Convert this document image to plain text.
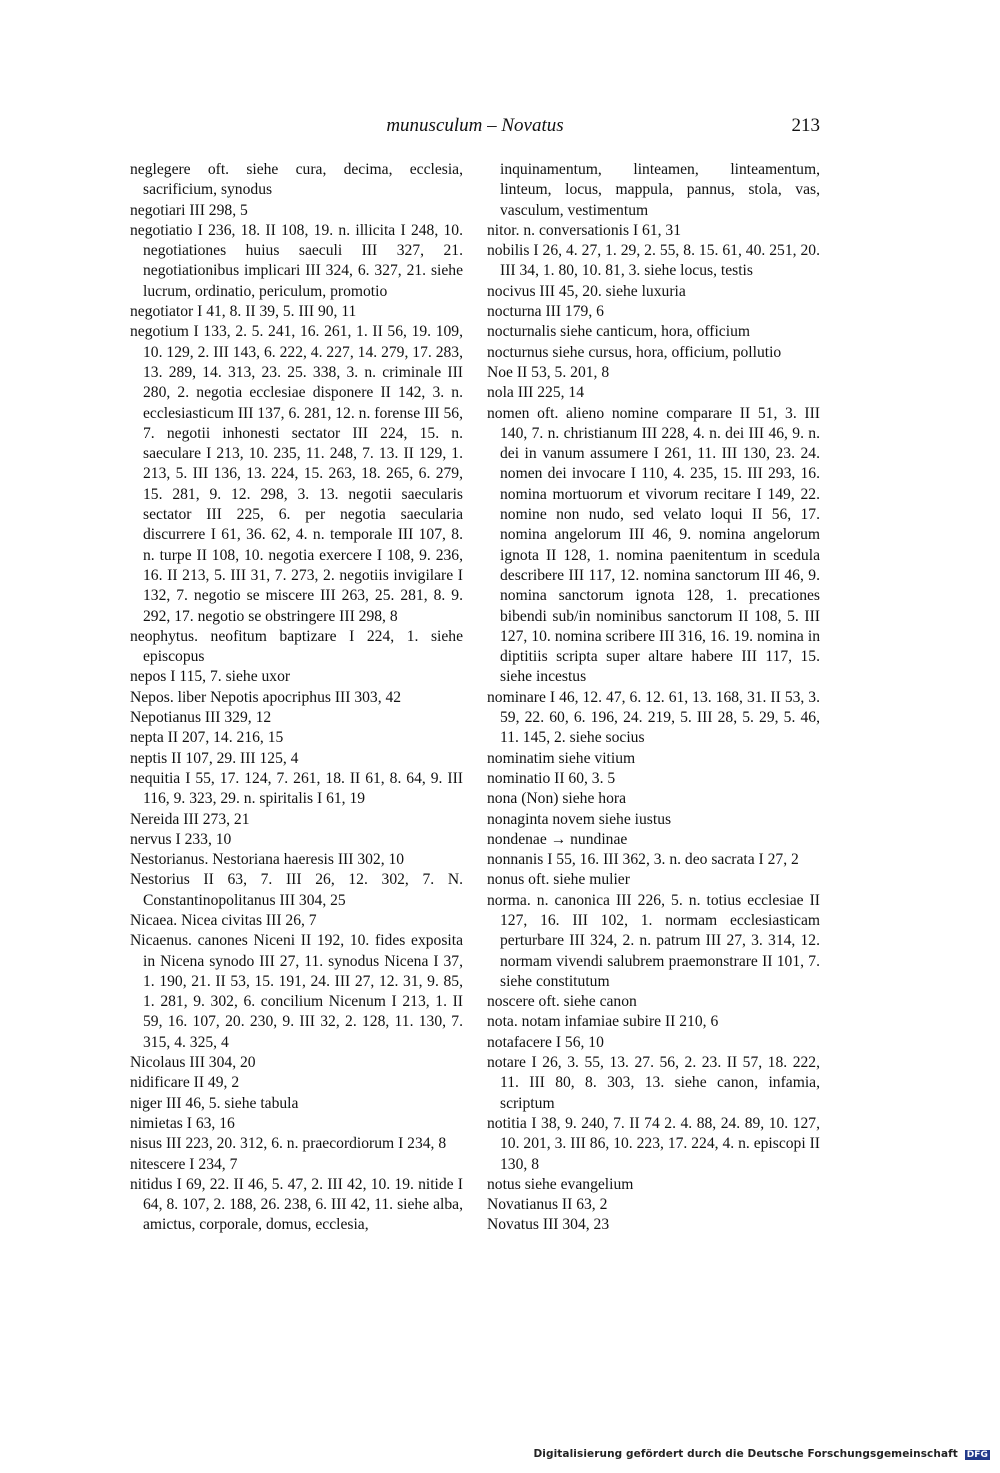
munusculum – Novatus	213

neglegere oft. siehe cura, decima, ecclesia, sacrificium, synodus

negotiari III 298, 5

negotiatio I 236, 18. II 108, 19. n. illicita I 248, 10. negotiationes huius saeculi III 327, 21. negotiationibus implicari III 324, 6. 327, 21. siehe lucrum, ordinatio, periculum, promotio

negotiator I 41, 8. II 39, 5. III 90, 11

negotium I 133, 2. 5. 241, 16. 261, 1. II 56, 19. 109, 10. 129, 2. III 143, 6. 222, 4. 227, 14. 279, 17. 283, 13. 289, 14. 313, 23. 25. 338, 3. n. criminale III 280, 2. negotia ecclesiae disponere II 142, 3. n. ecclesiasticum III 137, 6. 281, 12. n. forense III 56, 7. negotii inhonesti sectator III 224, 15. n. saeculare I 213, 10. 235, 11. 248, 7. 13. II 129, 1. 213, 5. III 136, 13. 224, 15. 263, 18. 265, 6. 279, 15. 281, 9. 12. 298, 3. 13. negotii saecularis sectator III 225, 6. per negotia saecularia discurrere I 61, 36. 62, 4. n. temporale III 107, 8. n. turpe II 108, 10. negotia exercere I 108, 9. 236, 16. II 213, 5. III 31, 7. 273, 2. negotiis invigilare I 132, 7. negotio se miscere III 263, 25. 281, 8. 9. 292, 17. negotio se obstringere III 298, 8

neophytus. neofitum baptizare I 224, 1. siehe episcopus

nepos I 115, 7. siehe uxor

Nepos. liber Nepotis apocriphus III 303, 42

Nepotianus III 329, 12

nepta II 207, 14. 216, 15

neptis II 107, 29. III 125, 4

nequitia I 55, 17. 124, 7. 261, 18. II 61, 8. 64, 9. III 116, 9. 323, 29. n. spiritalis I 61, 19

Nereida III 273, 21

nervus I 233, 10

Nestorianus. Nestoriana haeresis III 302, 10

Nestorius II 63, 7. III 26, 12. 302, 7. N. Constantinopolitanus III 304, 25

Nicaea. Nicea civitas III 26, 7

Nicaenus. canones Niceni II 192, 10. fides exposita in Nicena synodo III 27, 11. synodus Nicena I 37, 1. 190, 21. II 53, 15. 191, 24. III 27, 12. 31, 9. 85, 1. 281, 9. 302, 6. concilium Nicenum I 213, 1. II 59, 16. 107, 20. 230, 9. III 32, 2. 128, 11. 130, 7. 315, 4. 325, 4

Nicolaus III 304, 20

nidificare II 49, 2

niger III 46, 5. siehe tabula

nimietas I 63, 16

nisus III 223, 20. 312, 6. n. praecordiorum I 234, 8

nitescere I 234, 7

nitidus I 69, 22. II 46, 5. 47, 2. III 42, 10. 19. nitide I 64, 8. 107, 2. 188, 26. 238, 6. III 42, 11. siehe alba, amictus, corporale, domus, ecclesia,

inquinamentum, linteamen, linteamentum, linteum, locus, mappula, pannus, stola, vas, vasculum, vestimentum

nitor. n. conversationis I 61, 31

nobilis I 26, 4. 27, 1. 29, 2. 55, 8. 15. 61, 40. 251, 20. III 34, 1. 80, 10. 81, 3. siehe locus, testis

nocivus III 45, 20. siehe luxuria

nocturna III 179, 6

nocturnalis siehe canticum, hora, officium

nocturnus siehe cursus, hora, officium, pollutio

Noe II 53, 5. 201, 8

nola III 225, 14

nomen oft. alieno nomine comparare II 51, 3. III 140, 7. n. christianum III 228, 4. n. dei III 46, 9. n. dei in vanum assumere I 261, 11. III 130, 23. 24. nomen dei invocare I 110, 4. 235, 15. III 293, 16. nomina mortuorum et vivorum recitare I 149, 22. nomine non nudo, sed velato loqui II 56, 17. nomina angelorum III 46, 9. nomina angelorum ignota II 128, 1. nomina paenitentum in scedula describere III 117, 12. nomina sanctorum III 46, 9. nomina sanctorum ignota 128, 1. precationes bibendi sub/in nominibus sanctorum II 108, 5. III 127, 10. nomina scribere III 316, 16. 19. nomina in diptitiis scripta super altare habere III 117, 15. siehe incestus

nominare I 46, 12. 47, 6. 12. 61, 13. 168, 31. II 53, 3. 59, 22. 60, 6. 196, 24. 219, 5. III 28, 5. 29, 5. 46, 11. 145, 2. siehe socius

nominatim siehe vitium

nominatio II 60, 3. 5

nona (Non) siehe hora

nonaginta novem siehe iustus

nondenae → nundinae

nonnanis I 55, 16. III 362, 3. n. deo sacrata I 27, 2

nonus oft. siehe mulier

norma. n. canonica III 226, 5. n. totius ecclesiae II 127, 16. III 102, 1. normam ecclesiasticam perturbare III 324, 2. n. patrum III 27, 3. 314, 12. normam vivendi salubrem praemonstrare II 101, 7. siehe constitutum

noscere oft. siehe canon

nota. notam infamiae subire II 210, 6

notafacere I 56, 10

notare I 26, 3. 55, 13. 27. 56, 2. 23. II 57, 18. 222, 11. III 80, 8. 303, 13. siehe canon, infamia, scriptum

notitia I 38, 9. 240, 7. II 74 2. 4. 88, 24. 89, 10. 127, 10. 201, 3. III 86, 10. 223, 17. 224, 4. n. episcopi II 130, 8

notus siehe evangelium

Novatianus II 63, 2

Novatus III 304, 23

Digitalisierung gefördert durch die Deutsche Forschungsgemeinschaft DFG
